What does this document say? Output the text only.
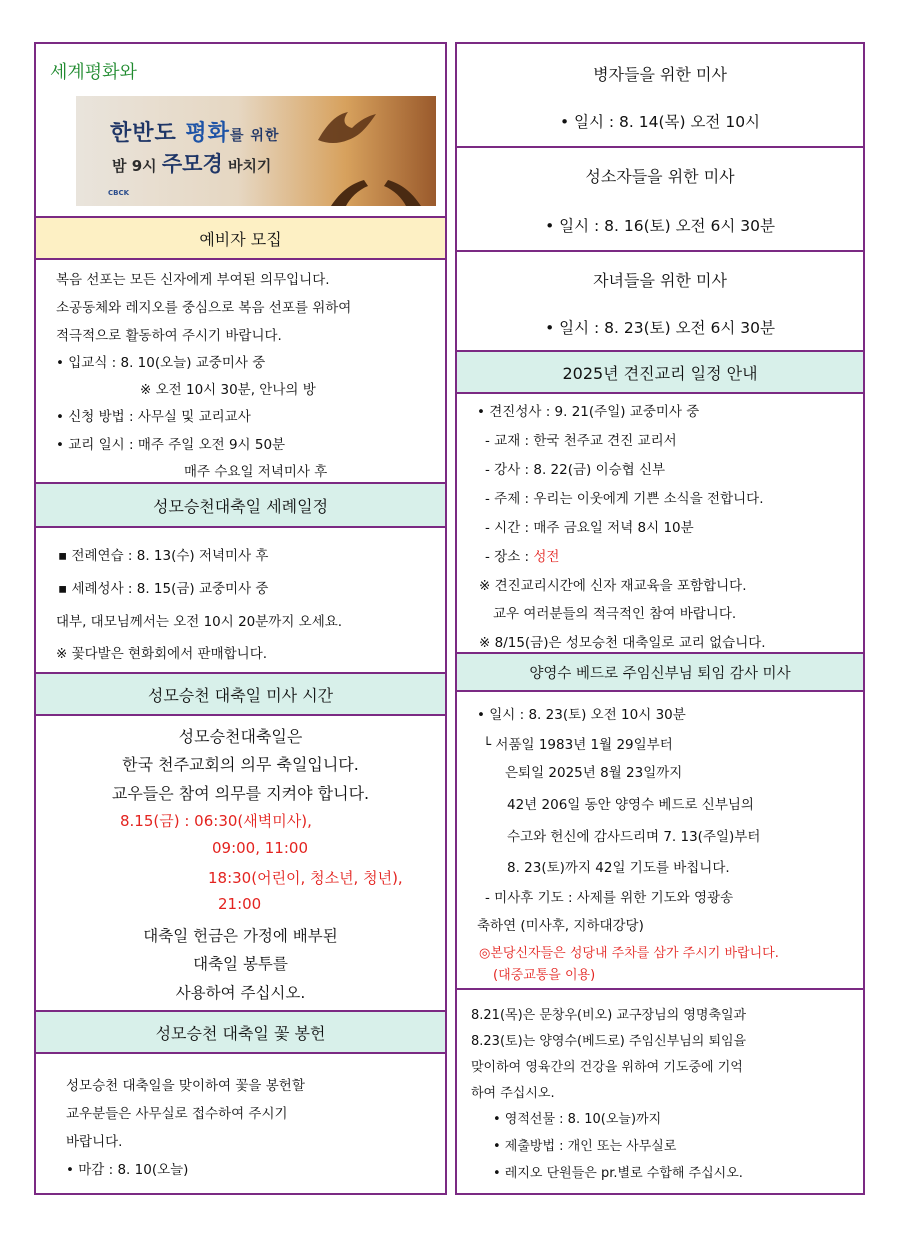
세계평화와
예비자 모집
복음 선포는 모든 신자에게 부여된 의무입니다.
소공동체와 레지오를 중심으로 복음 선포를 위하여
적극적으로 활동하여 주시기 바랍니다.
• 입교식 : 8. 10(오늘) 교중미사 중
※ 오전 10시 30분, 안나의 방
• 신청 방법 : 사무실 및 교리교사
• 교리 일시 : 매주 주일 오전 9시 50분
매주 수요일 저녁미사 후
성모승천대축일 세례일정
▪ 전례연습 : 8. 13(수) 저녁미사 후
▪ 세례성사 : 8. 15(금) 교중미사 중
대부, 대모님께서는 오전 10시 20분까지 오세요.
※ 꽃다발은 현화회에서 판매합니다.
성모승천 대축일 미사 시간
성모승천대축일은
한국 천주교회의 의무 축일입니다.
교우들은 참여 의무를 지켜야 합니다.
8.15(금) : 06:30(새벽미사),
09:00, 11:00
18:30(어린이, 청소년, 청년),
21:00
대축일 헌금은 가정에 배부된
대축일 봉투를
사용하여 주십시오.
성모승천 대축일 꽃 봉헌
성모승천 대축일을 맞이하여 꽃을 봉헌할
교우분들은 사무실로 접수하여 주시기
바랍니다.
• 마감 : 8. 10(오늘)
한반도 평화를 위한
밤 9시 주모경 바치기
CBCK
병자들을 위한 미사
• 일시 : 8. 14(목) 오전 10시
성소자들을 위한 미사
• 일시 : 8. 16(토) 오전 6시 30분
자녀들을 위한 미사
• 일시 : 8. 23(토) 오전 6시 30분
2025년 견진교리 일정 안내
• 견진성사 : 9. 21(주일) 교중미사 중
- 교재 : 한국 천주교 견진 교리서
- 강사 : 8. 22(금) 이승협 신부
- 주제 : 우리는 이웃에게 기쁜 소식을 전합니다.
- 시간 : 매주 금요일 저녁 8시 10분
- 장소 : 성전
※ 견진교리시간에 신자 재교육을 포함합니다.
교우 여러분들의 적극적인 참여 바랍니다.
※ 8/15(금)은 성모승천 대축일로 교리 없습니다.
양영수 베드로 주임신부님 퇴임 감사 미사
• 일시 : 8. 23(토) 오전 10시 30분
└ 서품일 1983년 1월 29일부터
은퇴일 2025년 8월 23일까지
42년 206일 동안 양영수 베드로 신부님의
수고와 헌신에 감사드리며 7. 13(주일)부터
8. 23(토)까지 42일 기도를 바칩니다.
- 미사후 기도 : 사제를 위한 기도와 영광송
축하연 (미사후, 지하대강당)
◎본당신자들은 성당내 주차를 삼가 주시기 바랍니다.
(대중교통을 이용)
8.21(목)은 문창우(비오) 교구장님의 영명축일과
8.23(토)는 양영수(베드로) 주임신부님의 퇴임을
맞이하여 영육간의 건강을 위하여 기도중에 기억
하여 주십시오.
• 영적선물 : 8. 10(오늘)까지
• 제출방법 : 개인 또는 사무실로
• 레지오 단원들은 pr.별로 수합해 주십시오.
